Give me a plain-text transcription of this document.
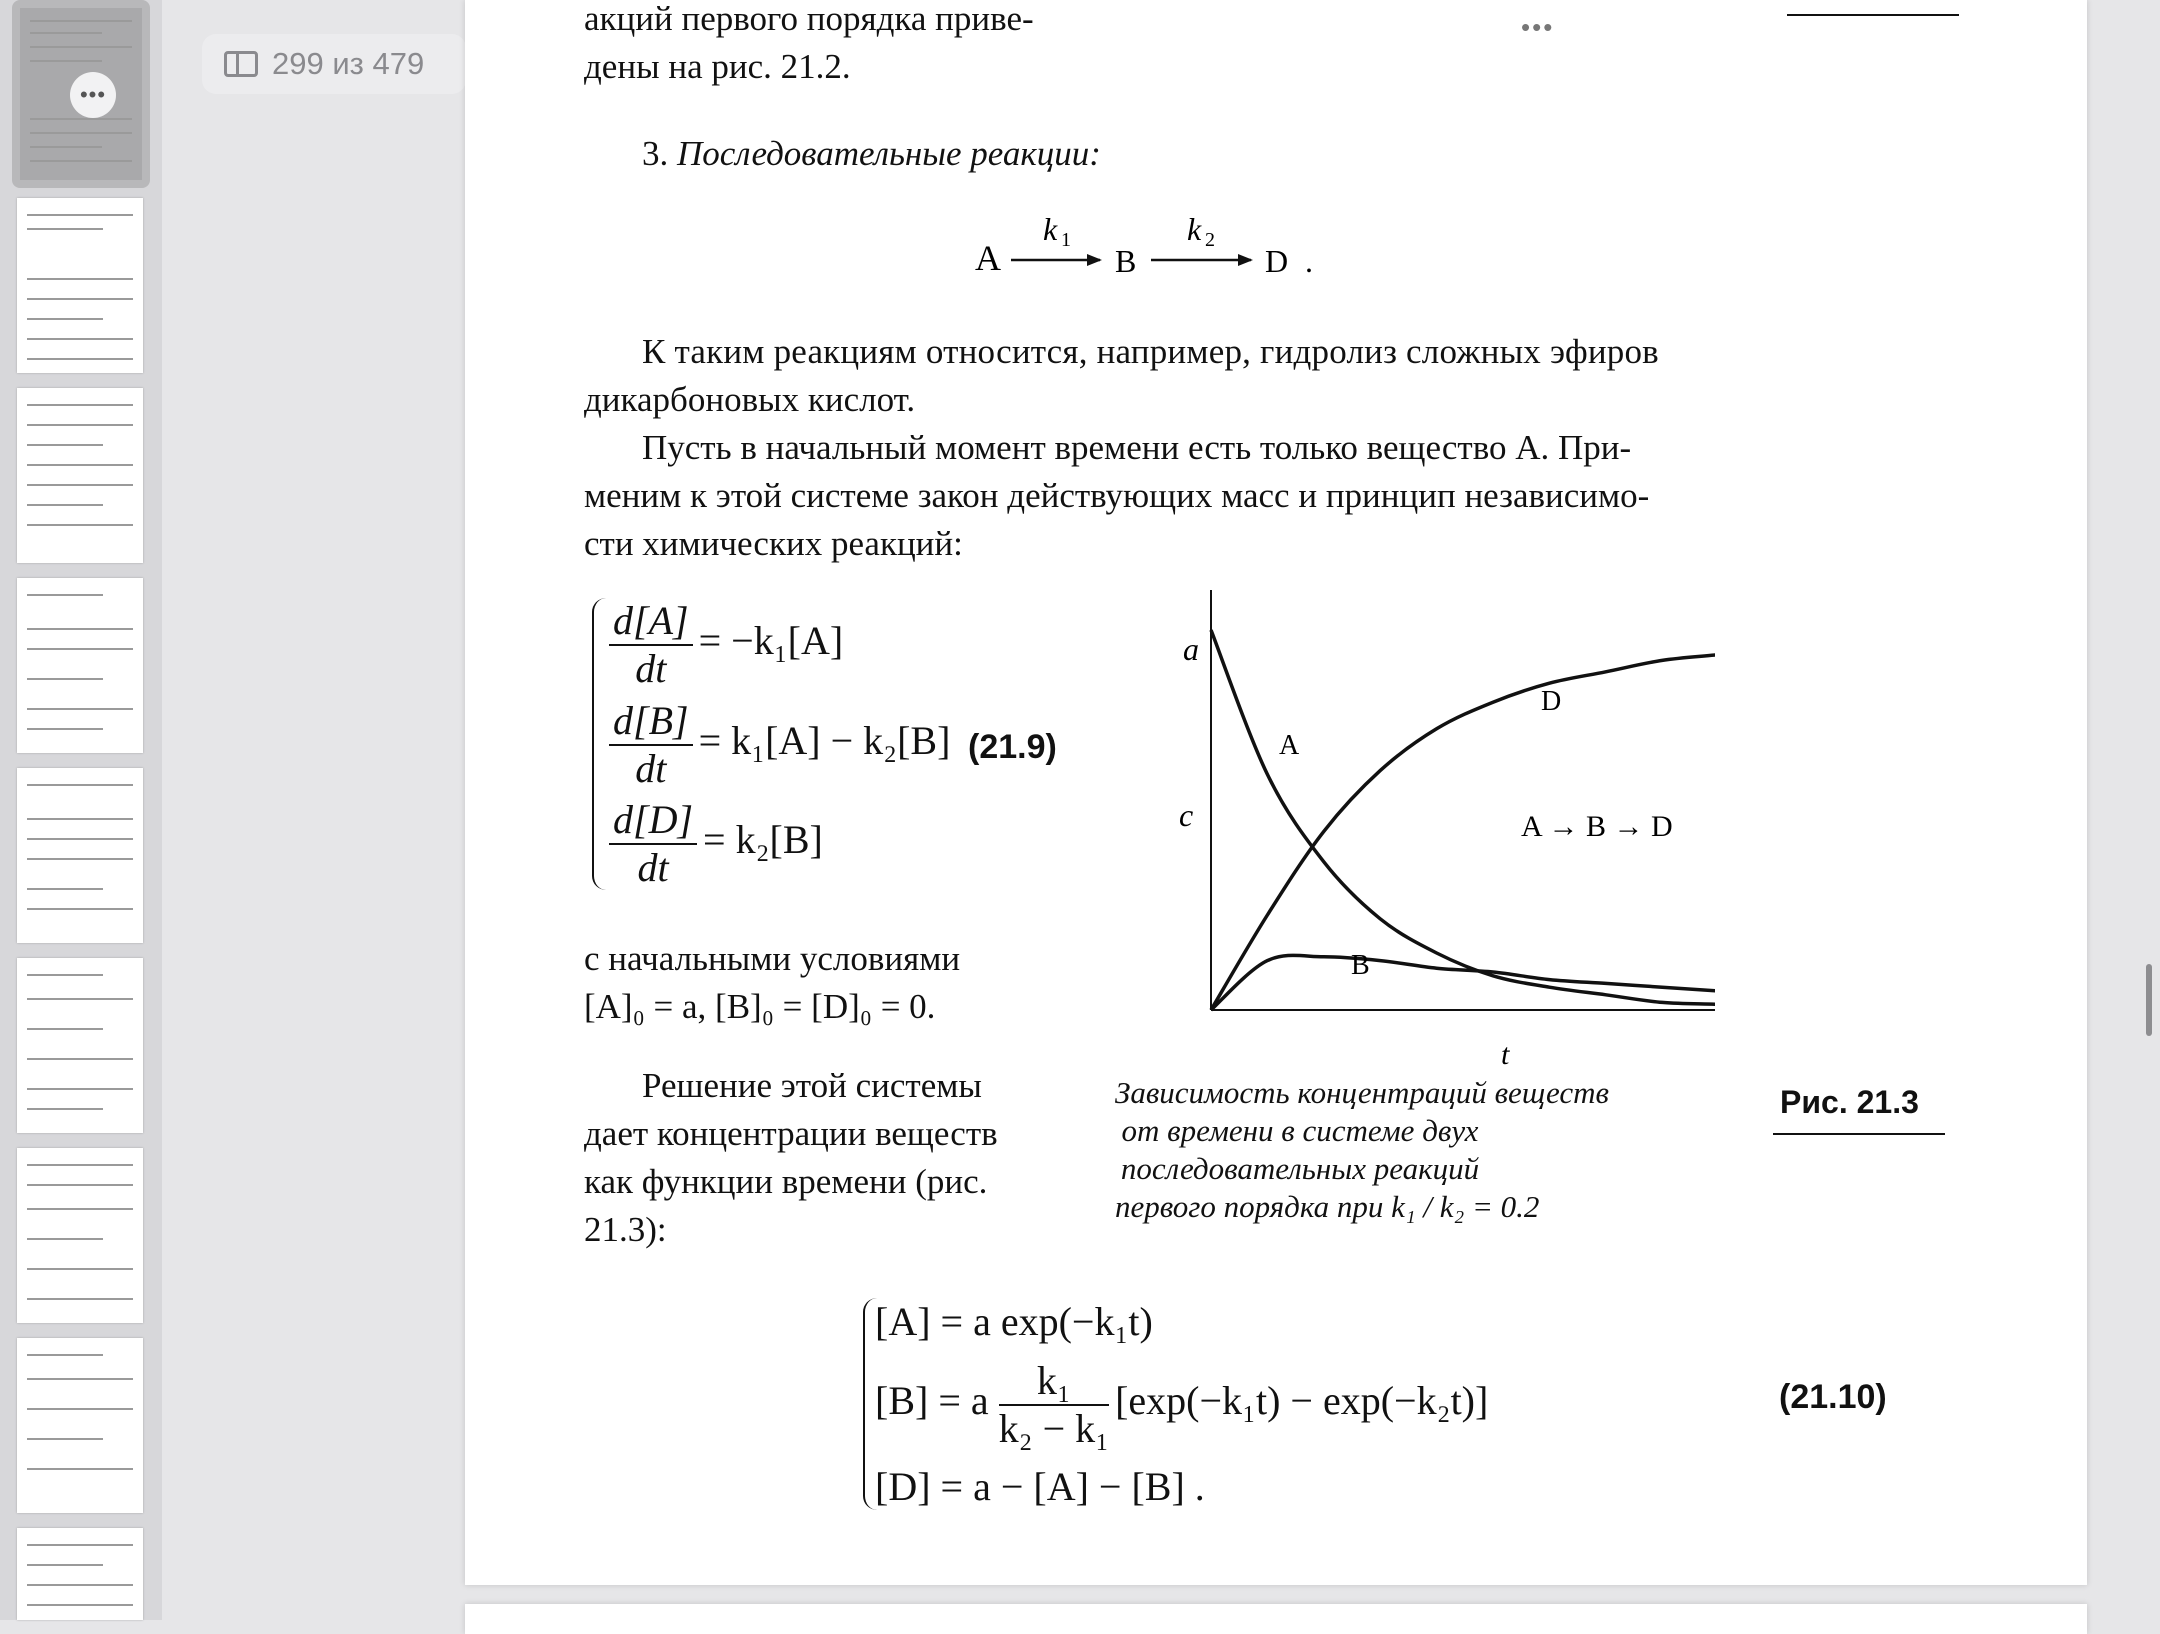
•••
299 из 479
акций первого порядка приве-	•••
дены на рис. 21.2.
3. Последовательные реакции:
A
k 1
B
k 2
D .
К таким реакциям относится, например, гидролиз сложных эфиров
дикарбоновых кислот.
Пусть в начальный момент времени есть только вещество А. При-
меним к этой системе закон действующих масс и принцип независимо-
сти химических реакций:
$\frac{d[A]}{dt} = -k_1[A]$
$\frac{d[B]}{dt} = k_1[A] - k_2[B]$
$\frac{d[D]}{dt} = k_2[B]$
(21.9)
с начальными условиями
[A]₀ = a, [B]₀ = [D]₀ = 0.
Решение этой системы
дает концентрации веществ
как функции времени (рис.
21.3):
a
c
t
A
D
B
A → B → D
Зависимость концентраций веществ
от времени в системе двух
последовательных реакций
первого порядка при k₁ / k₂ = 0.2
Рис. 21.3
[A] = a exp(−k₁t)
[B] = a $\frac{\text{k₁}}{\text{k₂ − k₁}} [\exp(-k_1t) - \exp(-k_2t)]$
[D] = a − [A] − [B] .
(21.10)
